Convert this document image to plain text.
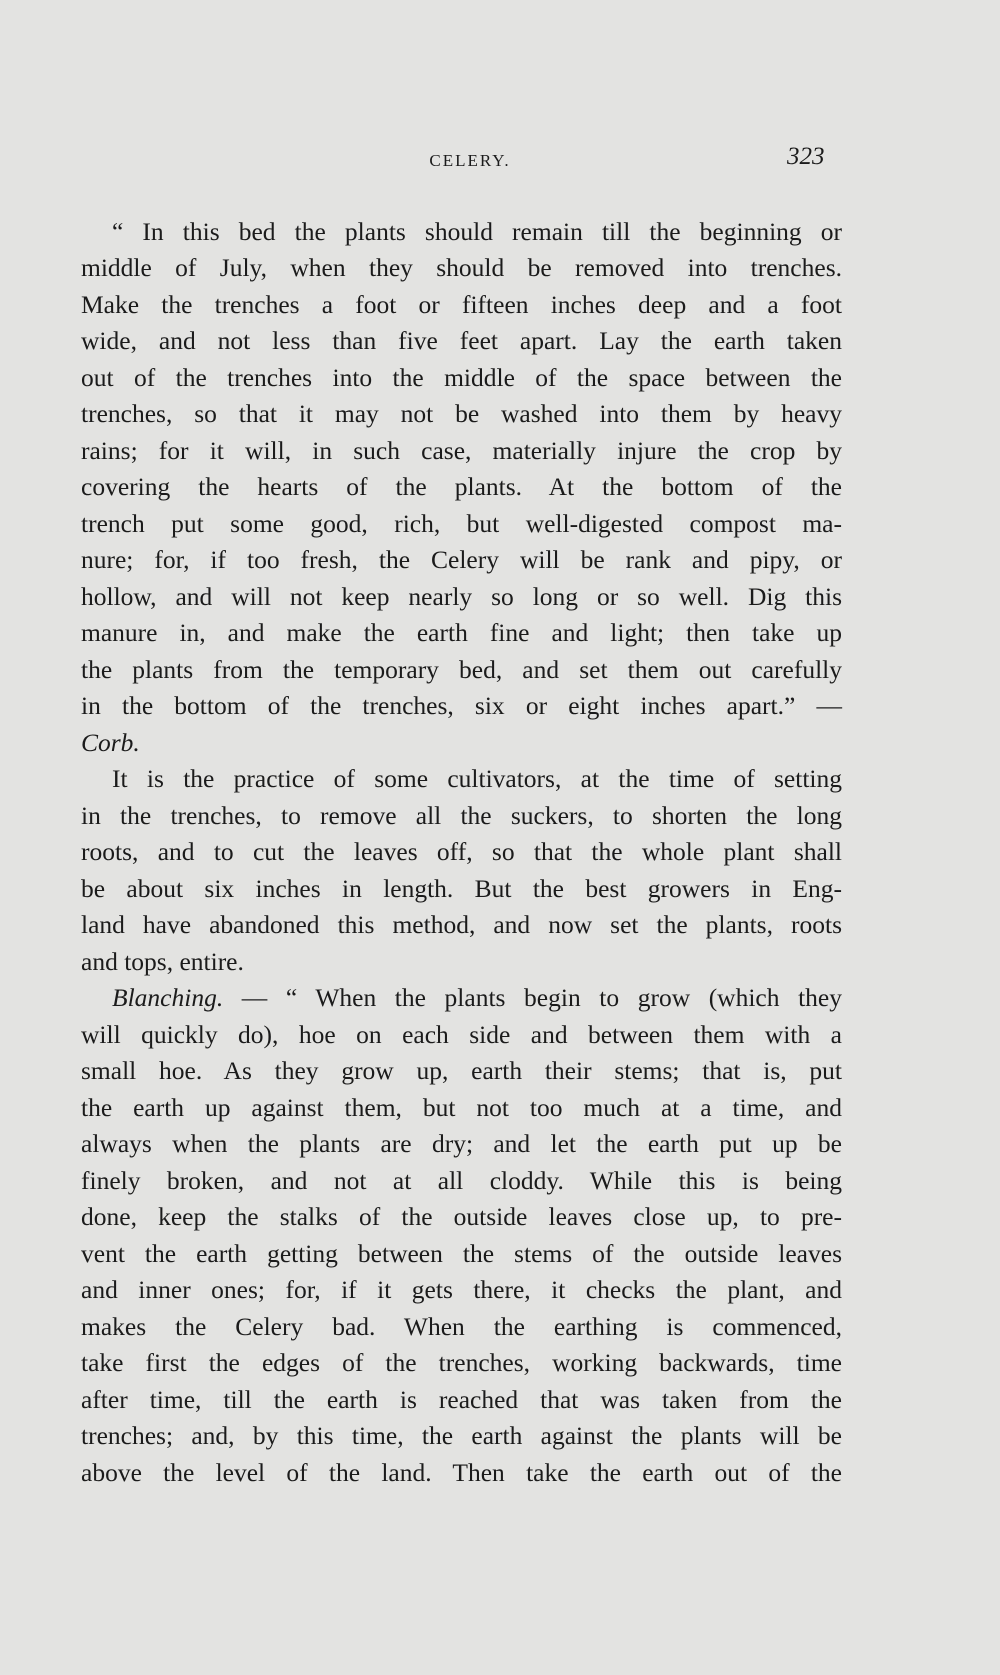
CELERY.	323
“ In this bed the plants should remain till the beginning or
middle of July, when they should be removed into trenches.
Make the trenches a foot or fifteen inches deep and a foot
wide, and not less than five feet apart. Lay the earth taken
out of the trenches into the middle of the space between the
trenches, so that it may not be washed into them by heavy
rains; for it will, in such case, materially injure the crop by
covering the hearts of the plants. At the bottom of the
trench put some good, rich, but well-digested compost ma-
nure; for, if too fresh, the Celery will be rank and pipy, or
hollow, and will not keep nearly so long or so well. Dig this
manure in, and make the earth fine and light; then take up
the plants from the temporary bed, and set them out carefully
in the bottom of the trenches, six or eight inches apart.” —
Corb.
It is the practice of some cultivators, at the time of setting
in the trenches, to remove all the suckers, to shorten the long
roots, and to cut the leaves off, so that the whole plant shall
be about six inches in length. But the best growers in Eng-
land have abandoned this method, and now set the plants, roots
and tops, entire.
Blanching. — “ When the plants begin to grow (which they
will quickly do), hoe on each side and between them with a
small hoe. As they grow up, earth their stems; that is, put
the earth up against them, but not too much at a time, and
always when the plants are dry; and let the earth put up be
finely broken, and not at all cloddy. While this is being
done, keep the stalks of the outside leaves close up, to pre-
vent the earth getting between the stems of the outside leaves
and inner ones; for, if it gets there, it checks the plant, and
makes the Celery bad. When the earthing is commenced,
take first the edges of the trenches, working backwards, time
after time, till the earth is reached that was taken from the
trenches; and, by this time, the earth against the plants will be
above the level of the land. Then take the earth out of the
